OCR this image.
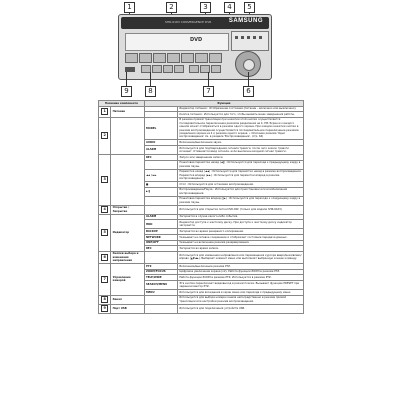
1	2	3	4	5
SHR-6163 CONVERGENCE DVR	SAMSUNG
DVD
9	8	7	6
Название компонента		Функция	
1	Питание		Индикатор питания : Отображение состояния (питание – включено или выключено).
			Кнопка питания : Используется для того, чтобы вызвать меню завершения работы.
2		MODEL	В режиме прямой трансляции при нажатии этой кнопки осуществляется последовательное переключение режимов разделения на 4, PIP. Экран из каждого канала может отображаться в режиме одного экрана. При каждом нажатии кнопки в режиме воспроизведения осуществляется последовательное переключение режимов разделения экрана на 4 и режима одного экрана. • Описание режима 'Одно воспроизведение' см. в разделе 'Воспроизведение'. (стр. 64)
		AUDIO	Включение/выключение звука.
		ALARM	Используется для подтверждения сигнала тревоги, после чего значок тревоги исчезает. Отменяется ввод сигнала, если выключен входной сигнал тревоги.
3		REC	Запуск или завершение записи.
			Пошаговая перемотка назад (◄‖) : Используется для перехода к предыдущему кадру в режиме паузы.
		◄◄ / ►►	Перемотка назад (◄◄) : Используется для перемотки назад в режиме воспроизведения. Перемотка вперед (►►) : Используется для перемотки вперед в режиме воспроизведения.
		■	Стоп : Используется для остановки воспроизведения.
		►/‖	Воспроизведение/Пауза : Используется для приостановки или возобновления воспроизведения.
			Пошаговая перемотка вперед (‖►) : Используется для перехода к следующему кадру в режиме паузы.
4	Открытие / Закрытие		Используется для открытия лотка DVD-RW. (только для модели SHR-6163)
5	Индикатор	ALARM	Загорается в случае какого-либо события.
		HDD	Индикатор доступа к жесткому диску. При доступе к жесткому диску индикатор загорается.
		BACKUP	Загорается во время резервного копирования.
		NETWORK	Указывает на сетевое соединение и отображает состояние передачи данных.
		ONE/OFF	Указывает на включение режима резервирования.
		REC	Загорается во время записи.
6	Кнопки выбора и изменения направления		Используется для изменения направления или перемещения курсора вверх/вниз/влево/вправо (▲▼◄►). Выбирает элемент меню или выполняет выбранную в меню команду.
7	Управление камерой	PTZ	Включение/выключение режима PTZ.
		ZOOM/FOCUS	Цифровое увеличение экрана (x2). Работа функции ZOOM в режиме PTZ.
		TELE/WIDE	Работа функции ZOOM в режиме PTZ. Используется в режиме PTZ.
		SEARCH/MENU	Эта кнопка переключает видеовыход в режим поиска. Вызывает функцию PRESET при заданном вектор PTZ.
		MENU	Используется для вхождения в экран меню или перехода к предыдущему меню.
8	Канал		Используется для выбора номера канала непосредственно в режиме прямой трансляции или настройки режима воспроизведения.
9	Порт USB		Используется для подключения устройств USB.
